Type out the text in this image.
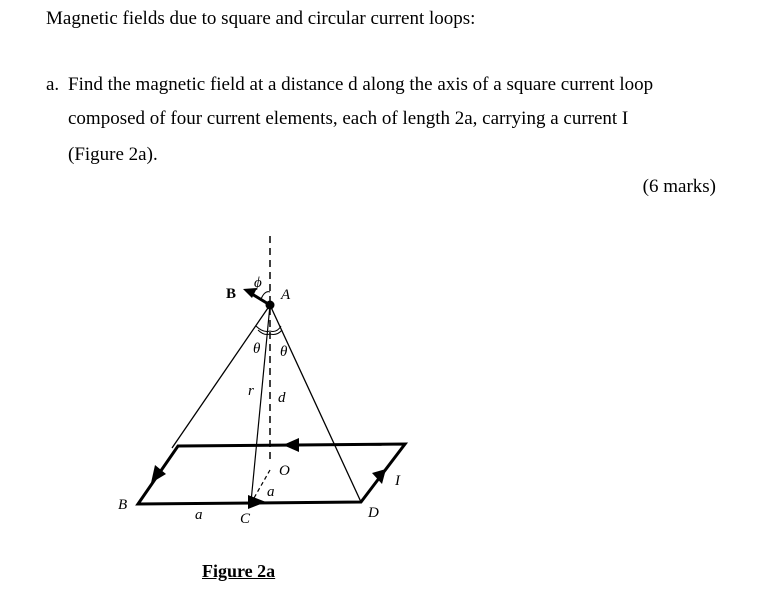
Magnetic fields due to square and circular current loops:
a. Find the magnetic field at a distance d along the axis of a square current loop
composed of four current elements, each of length 2a, carrying a current I
(Figure 2a).
(6 marks)
ϕ
B	A
θ θ
r d
O
a
I
B
a	C	D
Figure 2a
